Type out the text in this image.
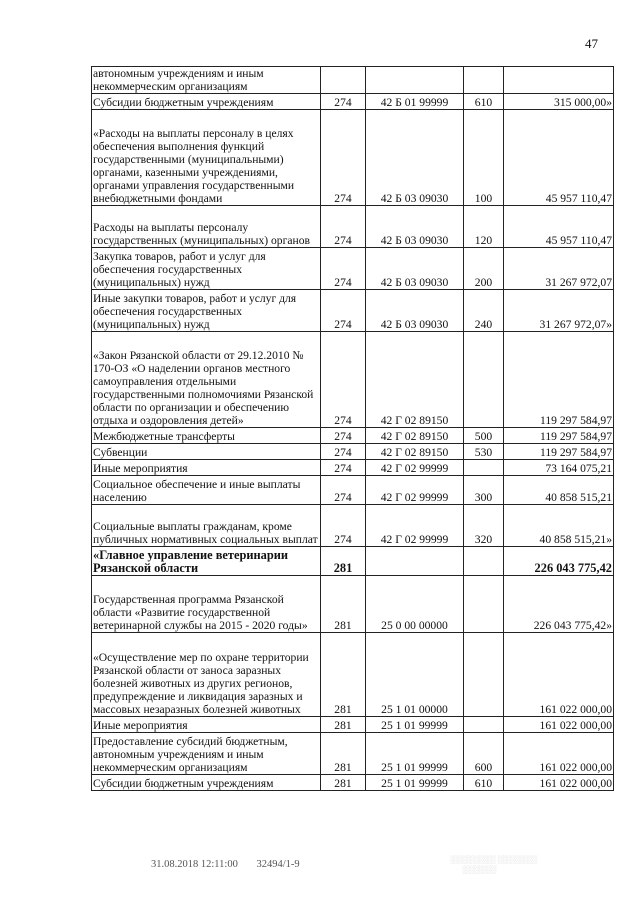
47
автономным учреждениям и иным некоммерческим организациям				
Субсидии бюджетным учреждениям	274	42 Б 01 99999	610	315 000,00»
«Расходы на выплаты персоналу в целях обеспечения выполнения функций государственными (муниципальными) органами, казенными учреждениями, органами управления государственными внебюджетными фондами	274	42 Б 03 09030	100	45 957 110,47
Расходы на выплаты персоналу государственных (муниципальных) органов	274	42 Б 03 09030	120	45 957 110,47
Закупка товаров, работ и услуг для обеспечения государственных (муниципальных) нужд	274	42 Б 03 09030	200	31 267 972,07
Иные закупки товаров, работ и услуг для обеспечения государственных (муниципальных) нужд	274	42 Б 03 09030	240	31 267 972,07»
«Закон Рязанской области от 29.12.2010 № 170-ОЗ «О наделении органов местного самоуправления отдельными государственными полномочиями Рязанской области по организации и обеспечению отдыха и оздоровления детей»	274	42 Г 02 89150		119 297 584,97
Межбюджетные трансферты	274	42 Г 02 89150	500	119 297 584,97
Субвенции	274	42 Г 02 89150	530	119 297 584,97
Иные мероприятия	274	42 Г 02 99999		73 164 075,21
Социальное обеспечение и иные выплаты населению	274	42 Г 02 99999	300	40 858 515,21
Социальные выплаты гражданам, кроме публичных нормативных социальных выплат	274	42 Г 02 99999	320	40 858 515,21»
«Главное управление ветеринарии Рязанской области	281			226 043 775,42
Государственная программа Рязанской области «Развитие государственной ветеринарной службы на 2015 - 2020 годы»	281	25 0 00 00000		226 043 775,42»
«Осуществление мер по охране территории Рязанской области от заноса заразных болезней животных из других регионов, предупреждение и ликвидация заразных и массовых незаразных болезней животных	281	25 1 01 00000		161 022 000,00
Иные мероприятия	281	25 1 01 99999		161 022 000,00
Предоставление субсидий бюджетным, автономным учреждениям и иным некоммерческим организациям	281	25 1 01 99999	600	161 022 000,00
Субсидии бюджетным учреждениям	281	25 1 01 99999	610	161 022 000,00
31.08.2018 12:11:00 32494/1-9	░░░░░░░░ ░░░░░░░
░░░░░░
